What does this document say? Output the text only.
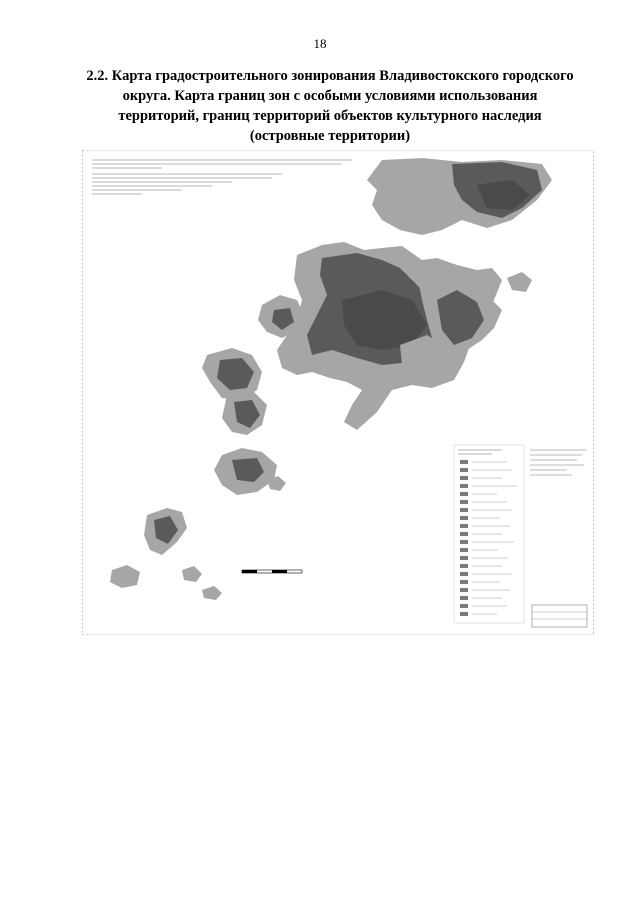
18
2.2. Карта градостроительного зонирования Владивостокского городского
округа. Карта границ зон с особыми условиями использования
территорий, границ территорий объектов культурного наследия
(островные территории)
